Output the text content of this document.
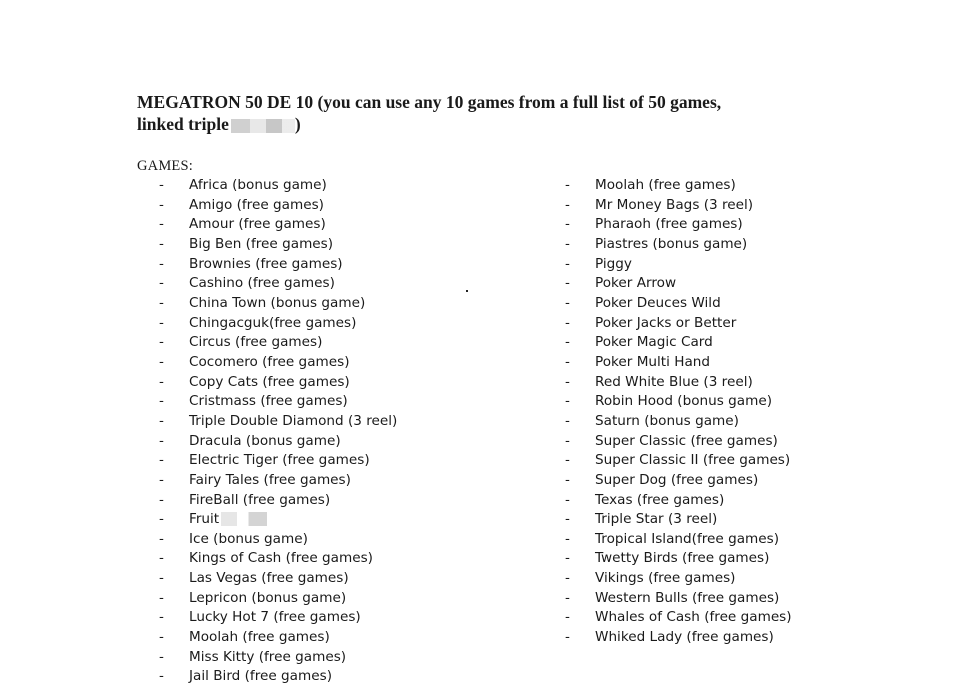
MEGATRON 50 DE 10 (you can use any 10 games from a full list of 50 games, linked triple	)
GAMES:
- Africa (bonus game)
- Amigo (free games)
- Amour (free games)
- Big Ben (free games)
- Brownies (free games)
- Cashino (free games)
- China Town (bonus game)
- Chingacguk(free games)
- Circus (free games)
- Cocomero (free games)
- Copy Cats (free games)
- Cristmass (free games)
- Triple Double Diamond (3 reel)
- Dracula (bonus game)
- Electric Tiger (free games)
- Fairy Tales (free games)
- FireBall (free games)
- Fruit
- Ice (bonus game)
- Kings of Cash (free games)
- Las Vegas (free games)
- Lepricon (bonus game)
- Lucky Hot 7 (free games)
- Moolah (free games)
- Miss Kitty (free games)
- Jail Bird (free games)
- Moolah (free games)
- Mr Money Bags (3 reel)
- Pharaoh (free games)
- Piastres (bonus game)
- Piggy
- Poker Arrow
- Poker Deuces Wild
- Poker Jacks or Better
- Poker Magic Card
- Poker Multi Hand
- Red White Blue (3 reel)
- Robin Hood (bonus game)
- Saturn (bonus game)
- Super Classic (free games)
- Super Classic II (free games)
- Super Dog (free games)
- Texas (free games)
- Triple Star (3 reel)
- Tropical Island(free games)
- Twetty Birds (free games)
- Vikings (free games)
- Western Bulls (free games)
- Whales of Cash (free games)
- Whiked Lady (free games)
